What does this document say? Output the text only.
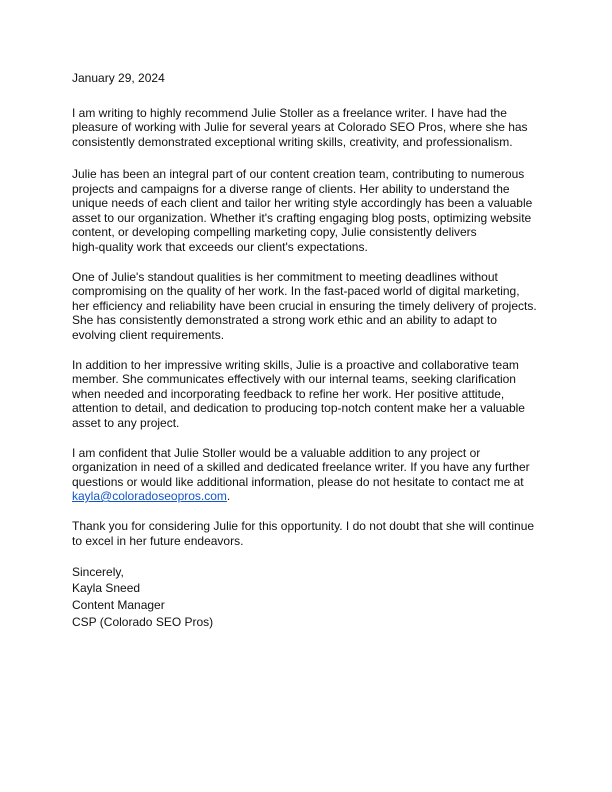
January 29, 2024
I am writing to highly recommend Julie Stoller as a freelance writer. I have had the
pleasure of working with Julie for several years at Colorado SEO Pros, where she has
consistently demonstrated exceptional writing skills, creativity, and professionalism.
Julie has been an integral part of our content creation team, contributing to numerous
projects and campaigns for a diverse range of clients. Her ability to understand the
unique needs of each client and tailor her writing style accordingly has been a valuable
asset to our organization. Whether it's crafting engaging blog posts, optimizing website
content, or developing compelling marketing copy, Julie consistently delivers
high-quality work that exceeds our client's expectations.
One of Julie's standout qualities is her commitment to meeting deadlines without
compromising on the quality of her work. In the fast-paced world of digital marketing,
her efficiency and reliability have been crucial in ensuring the timely delivery of projects.
She has consistently demonstrated a strong work ethic and an ability to adapt to
evolving client requirements.
In addition to her impressive writing skills, Julie is a proactive and collaborative team
member. She communicates effectively with our internal teams, seeking clarification
when needed and incorporating feedback to refine her work. Her positive attitude,
attention to detail, and dedication to producing top-notch content make her a valuable
asset to any project.
I am confident that Julie Stoller would be a valuable addition to any project or
organization in need of a skilled and dedicated freelance writer. If you have any further
questions or would like additional information, please do not hesitate to contact me at
kayla@coloradoseopros.com.
Thank you for considering Julie for this opportunity. I do not doubt that she will continue
to excel in her future endeavors.
Sincerely,
Kayla Sneed
Content Manager
CSP (Colorado SEO Pros)
